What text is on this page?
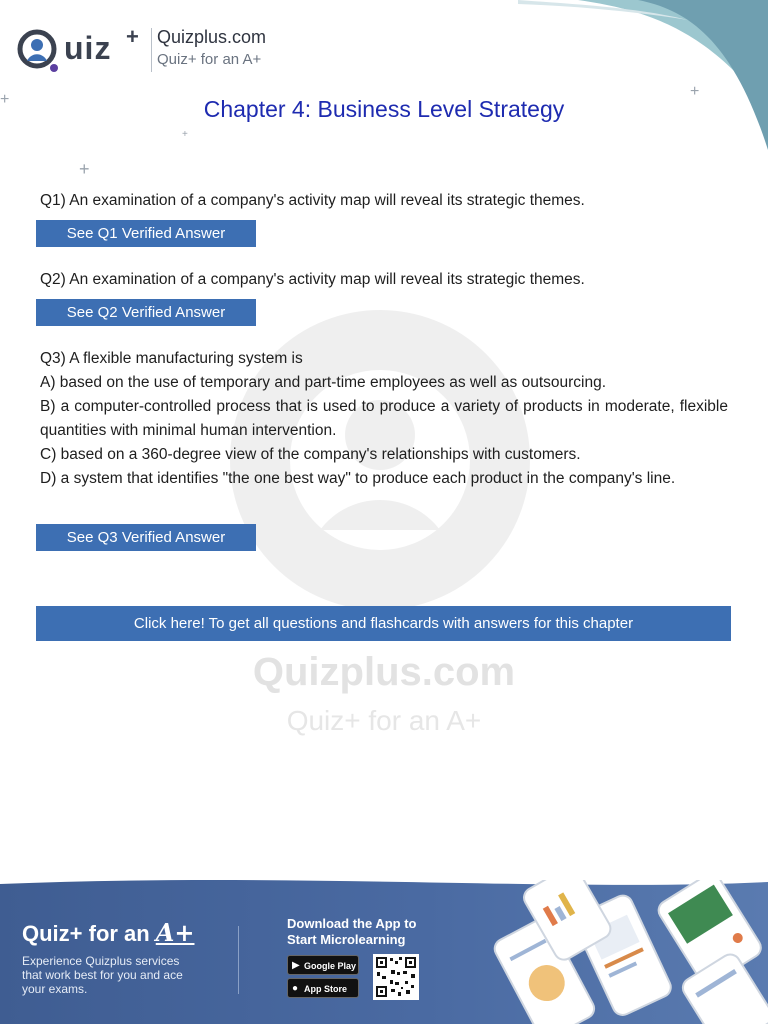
+
+
+
+
Quizplus.com
Quiz+ for an A+
uiz + Quizplus.com
Quiz+ for an A+
Chapter 4: Business Level Strategy
Q1) An examination of a company's activity map will reveal its strategic themes.
See Q1 Verified Answer
Q2) An examination of a company's activity map will reveal its strategic themes.
See Q2 Verified Answer
Q3) A flexible manufacturing system is
A) based on the use of temporary and part-time employees as well as outsourcing.
B) a computer-controlled process that is used to produce a variety of products in moderate, flexible quantities with minimal human intervention.
C) based on a 360-degree view of the company's relationships with customers.
D) a system that identifies "the one best way" to produce each product in the company's line.
See Q3 Verified Answer
Click here! To get all questions and flashcards with answers for this chapter
Quiz+ for an A+
Experience Quizplus services
that work best for you and ace
your exams.
Download the App to
Start Microlearning
▶ Google Play
● App Store
